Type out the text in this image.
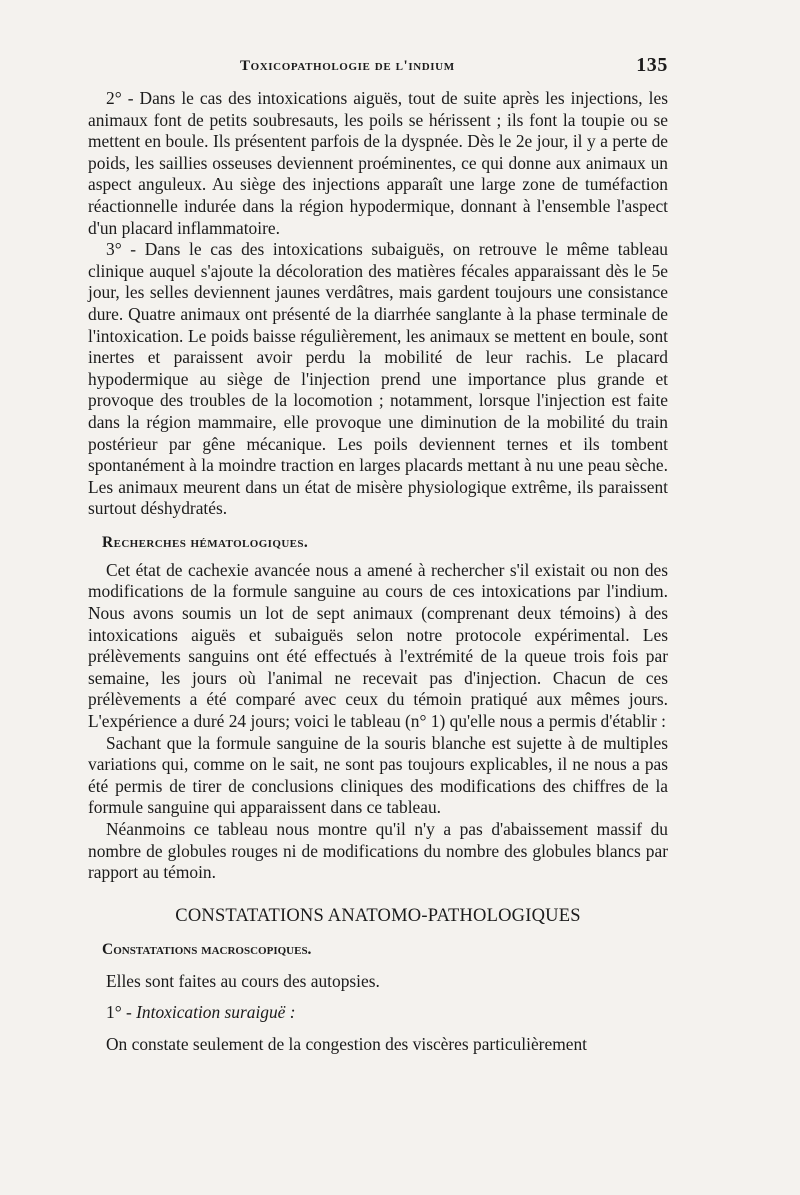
Toxicopathologie de l'indium	135

2° - Dans le cas des intoxications aiguës, tout de suite après les injections, les animaux font de petits soubresauts, les poils se hérissent ; ils font la toupie ou se mettent en boule. Ils présentent parfois de la dyspnée. Dès le 2e jour, il y a perte de poids, les saillies osseuses deviennent proéminentes, ce qui donne aux animaux un aspect anguleux. Au siège des injections apparaît une large zone de tuméfaction réactionnelle indurée dans la région hypodermique, donnant à l'ensemble l'aspect d'un placard inflammatoire.

3° - Dans le cas des intoxications subaiguës, on retrouve le même tableau clinique auquel s'ajoute la décoloration des matières fécales apparaissant dès le 5e jour, les selles deviennent jaunes verdâtres, mais gardent toujours une consistance dure. Quatre animaux ont présenté de la diarrhée sanglante à la phase terminale de l'intoxication. Le poids baisse régulièrement, les animaux se mettent en boule, sont inertes et paraissent avoir perdu la mobilité de leur rachis. Le placard hypodermique au siège de l'injection prend une importance plus grande et provoque des troubles de la locomotion ; notamment, lorsque l'injection est faite dans la région mammaire, elle provoque une diminution de la mobilité du train postérieur par gêne mécanique. Les poils deviennent ternes et ils tombent spontanément à la moindre traction en larges placards mettant à nu une peau sèche. Les animaux meurent dans un état de misère physiologique extrême, ils paraissent surtout déshydratés.

Recherches hématologiques.

Cet état de cachexie avancée nous a amené à rechercher s'il existait ou non des modifications de la formule sanguine au cours de ces intoxications par l'indium. Nous avons soumis un lot de sept animaux (comprenant deux témoins) à des intoxications aiguës et subaiguës selon notre protocole expérimental. Les prélèvements sanguins ont été effectués à l'extrémité de la queue trois fois par semaine, les jours où l'animal ne recevait pas d'injection. Chacun de ces prélèvements a été comparé avec ceux du témoin pratiqué aux mêmes jours. L'expérience a duré 24 jours; voici le tableau (n° 1) qu'elle nous a permis d'établir :

Sachant que la formule sanguine de la souris blanche est sujette à de multiples variations qui, comme on le sait, ne sont pas toujours explicables, il ne nous a pas été permis de tirer de conclusions cliniques des modifications des chiffres de la formule sanguine qui apparaissent dans ce tableau.

Néanmoins ce tableau nous montre qu'il n'y a pas d'abaissement massif du nombre de globules rouges ni de modifications du nombre des globules blancs par rapport au témoin.

CONSTATATIONS ANATOMO-PATHOLOGIQUES
Constatations macroscopiques.

Elles sont faites au cours des autopsies.

1° - Intoxication suraiguë :

On constate seulement de la congestion des viscères particulièrement
